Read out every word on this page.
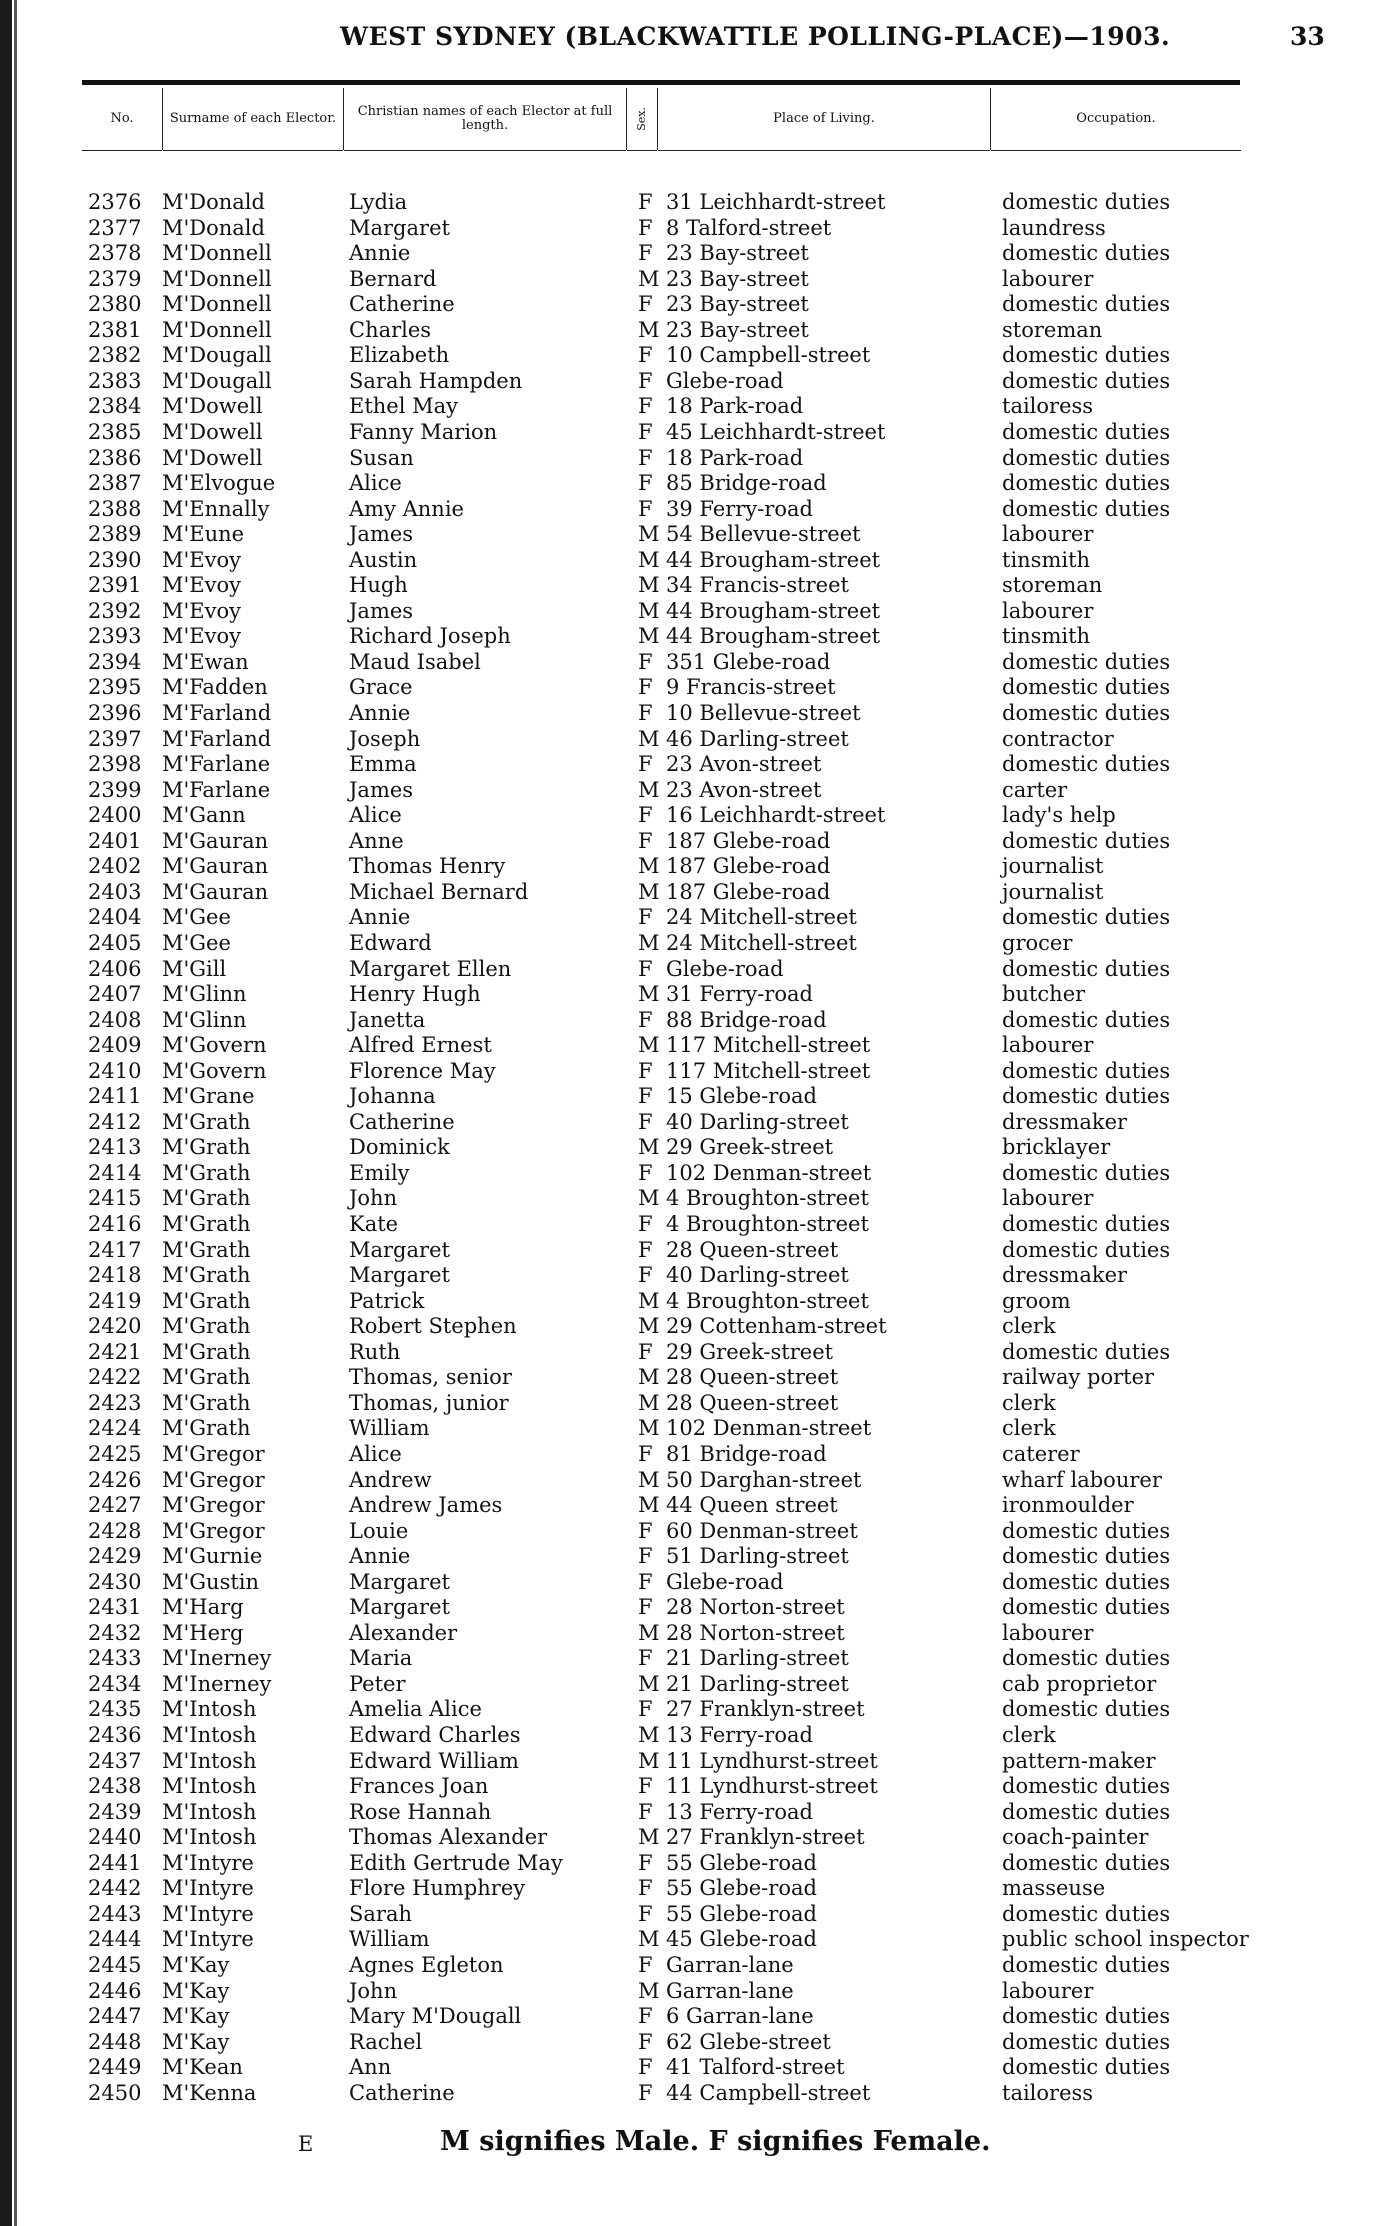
WEST SYDNEY (BLACKWATTLE POLLING-PLACE)—1903.	33
No.	Surname of each Elector.	Christian names of each Elector at full length.	Sex.	Place of Living.	Occupation.
2376 M'Donald	Lydia	F 31 Leichhardt-street	domestic duties
2377 M'Donald	Margaret	F 8 Talford-street	laundress
2378 M'Donnell	Annie	F 23 Bay-street	domestic duties
2379 M'Donnell	Bernard	M 23 Bay-street	labourer
2380 M'Donnell	Catherine	F 23 Bay-street	domestic duties
2381 M'Donnell	Charles	M 23 Bay-street	storeman
2382 M'Dougall	Elizabeth	F 10 Campbell-street	domestic duties
2383 M'Dougall	Sarah Hampden	F Glebe-road	domestic duties
2384 M'Dowell	Ethel May	F 18 Park-road	tailoress
2385 M'Dowell	Fanny Marion	F 45 Leichhardt-street	domestic duties
2386 M'Dowell	Susan	F 18 Park-road	domestic duties
2387 M'Elvogue	Alice	F 85 Bridge-road	domestic duties
2388 M'Ennally	Amy Annie	F 39 Ferry-road	domestic duties
2389 M'Eune	James	M 54 Bellevue-street	labourer
2390 M'Evoy	Austin	M 44 Brougham-street	tinsmith
2391 M'Evoy	Hugh	M 34 Francis-street	storeman
2392 M'Evoy	James	M 44 Brougham-street	labourer
2393 M'Evoy	Richard Joseph	M 44 Brougham-street	tinsmith
2394 M'Ewan	Maud Isabel	F 351 Glebe-road	domestic duties
2395 M'Fadden	Grace	F 9 Francis-street	domestic duties
2396 M'Farland	Annie	F 10 Bellevue-street	domestic duties
2397 M'Farland	Joseph	M 46 Darling-street	contractor
2398 M'Farlane	Emma	F 23 Avon-street	domestic duties
2399 M'Farlane	James	M 23 Avon-street	carter
2400 M'Gann	Alice	F 16 Leichhardt-street	lady's help
2401 M'Gauran	Anne	F 187 Glebe-road	domestic duties
2402 M'Gauran	Thomas Henry	M 187 Glebe-road	journalist
2403 M'Gauran	Michael Bernard	M 187 Glebe-road	journalist
2404 M'Gee	Annie	F 24 Mitchell-street	domestic duties
2405 M'Gee	Edward	M 24 Mitchell-street	grocer
2406 M'Gill	Margaret Ellen	F Glebe-road	domestic duties
2407 M'Glinn	Henry Hugh	M 31 Ferry-road	butcher
2408 M'Glinn	Janetta	F 88 Bridge-road	domestic duties
2409 M'Govern	Alfred Ernest	M 117 Mitchell-street	labourer
2410 M'Govern	Florence May	F 117 Mitchell-street	domestic duties
2411 M'Grane	Johanna	F 15 Glebe-road	domestic duties
2412 M'Grath	Catherine	F 40 Darling-street	dressmaker
2413 M'Grath	Dominick	M 29 Greek-street	bricklayer
2414 M'Grath	Emily	F 102 Denman-street	domestic duties
2415 M'Grath	John	M 4 Broughton-street	labourer
2416 M'Grath	Kate	F 4 Broughton-street	domestic duties
2417 M'Grath	Margaret	F 28 Queen-street	domestic duties
2418 M'Grath	Margaret	F 40 Darling-street	dressmaker
2419 M'Grath	Patrick	M 4 Broughton-street	groom
2420 M'Grath	Robert Stephen	M 29 Cottenham-street	clerk
2421 M'Grath	Ruth	F 29 Greek-street	domestic duties
2422 M'Grath	Thomas, senior	M 28 Queen-street	railway porter
2423 M'Grath	Thomas, junior	M 28 Queen-street	clerk
2424 M'Grath	William	M 102 Denman-street	clerk
2425 M'Gregor	Alice	F 81 Bridge-road	caterer
2426 M'Gregor	Andrew	M 50 Darghan-street	wharf labourer
2427 M'Gregor	Andrew James	M 44 Queen street	ironmoulder
2428 M'Gregor	Louie	F 60 Denman-street	domestic duties
2429 M'Gurnie	Annie	F 51 Darling-street	domestic duties
2430 M'Gustin	Margaret	F Glebe-road	domestic duties
2431 M'Harg	Margaret	F 28 Norton-street	domestic duties
2432 M'Herg	Alexander	M 28 Norton-street	labourer
2433 M'Inerney	Maria	F 21 Darling-street	domestic duties
2434 M'Inerney	Peter	M 21 Darling-street	cab proprietor
2435 M'Intosh	Amelia Alice	F 27 Franklyn-street	domestic duties
2436 M'Intosh	Edward Charles	M 13 Ferry-road	clerk
2437 M'Intosh	Edward William	M 11 Lyndhurst-street	pattern-maker
2438 M'Intosh	Frances Joan	F 11 Lyndhurst-street	domestic duties
2439 M'Intosh	Rose Hannah	F 13 Ferry-road	domestic duties
2440 M'Intosh	Thomas Alexander	M 27 Franklyn-street	coach-painter
2441 M'Intyre	Edith Gertrude May	F 55 Glebe-road	domestic duties
2442 M'Intyre	Flore Humphrey	F 55 Glebe-road	masseuse
2443 M'Intyre	Sarah	F 55 Glebe-road	domestic duties
2444 M'Intyre	William	M 45 Glebe-road	public school inspector
2445 M'Kay	Agnes Egleton	F Garran-lane	domestic duties
2446 M'Kay	John	M Garran-lane	labourer
2447 M'Kay	Mary M'Dougall	F 6 Garran-lane	domestic duties
2448 M'Kay	Rachel	F 62 Glebe-street	domestic duties
2449 M'Kean	Ann	F 41 Talford-street	domestic duties
2450 M'Kenna	Catherine	F 44 Campbell-street	tailoress
E	M signifies Male. F signifies Female.
